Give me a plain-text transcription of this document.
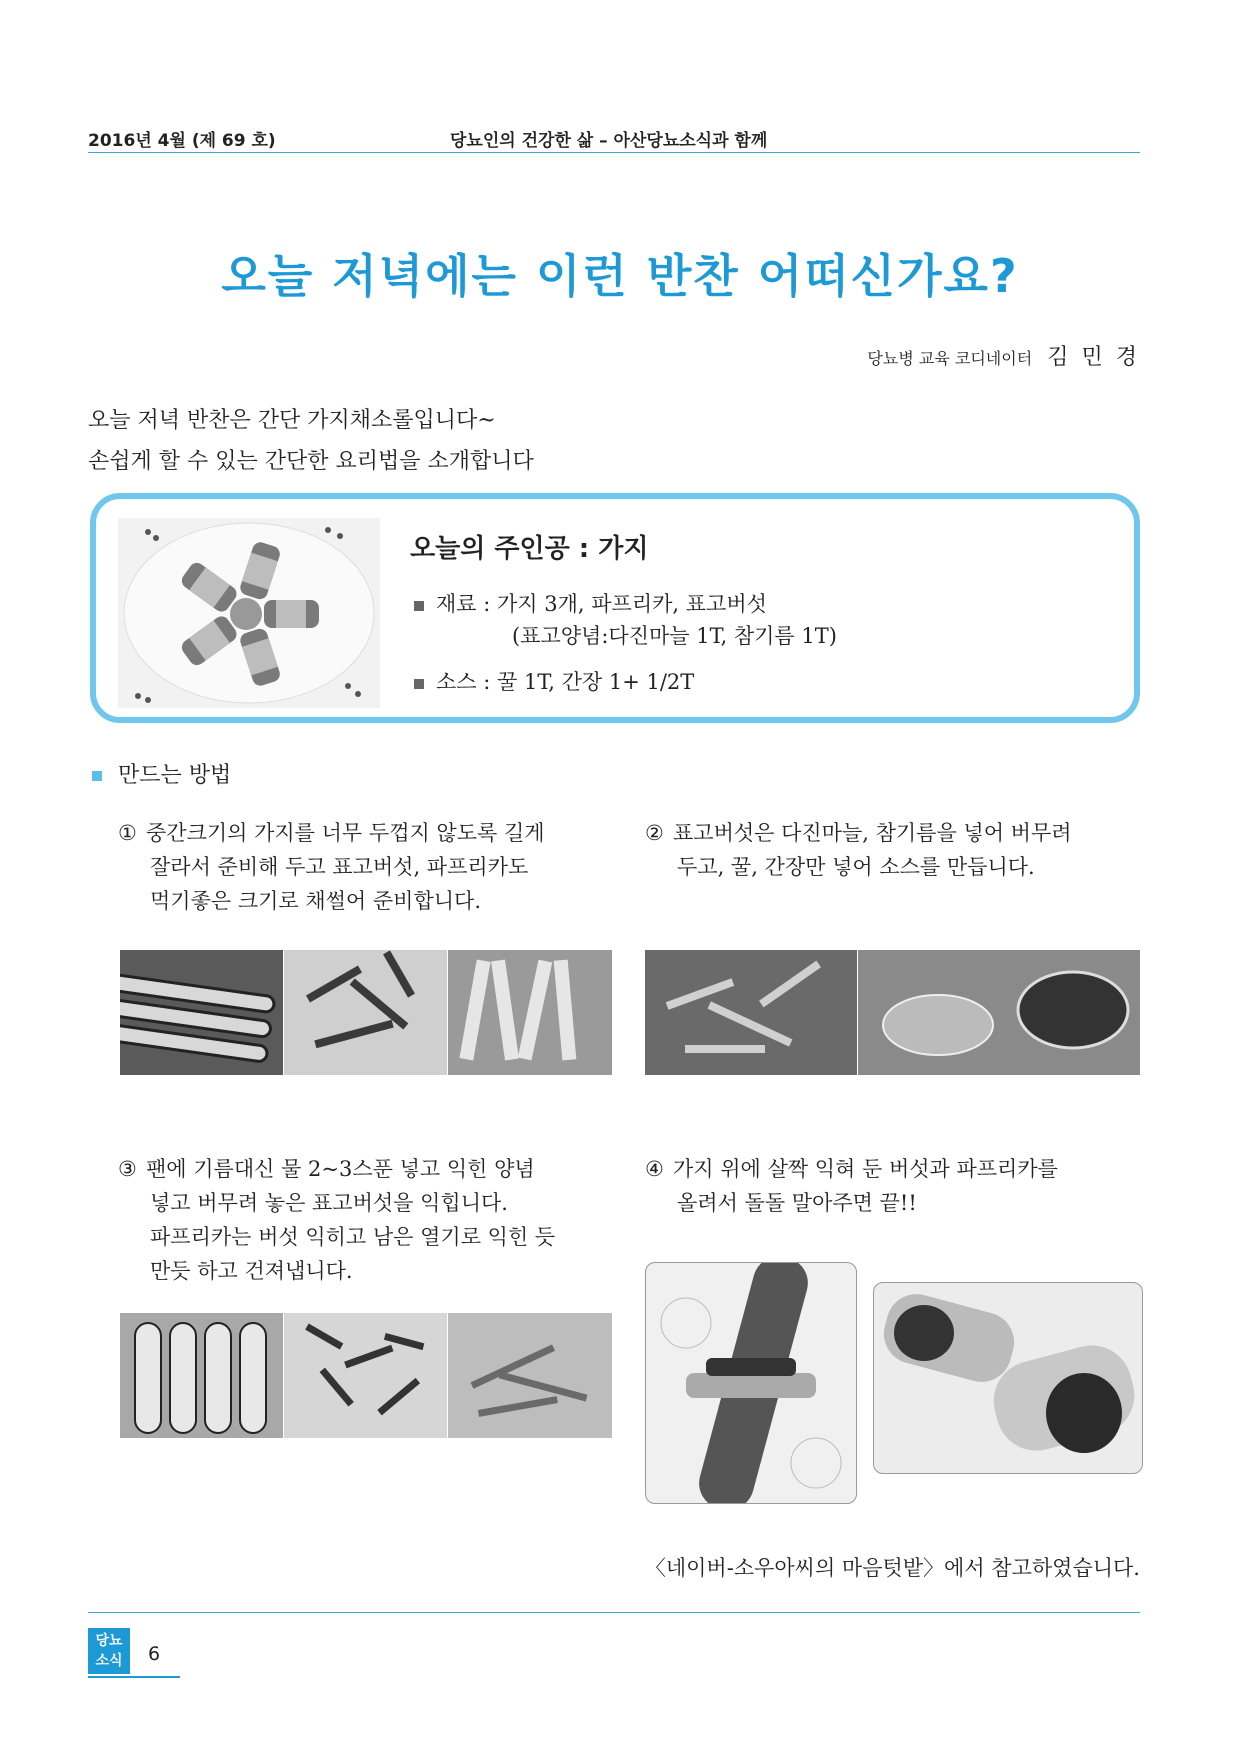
2016년 4월 (제 69 호)	당뇨인의 건강한 삶 – 아산당뇨소식과 함께
오늘 저녁에는 이런 반찬 어떠신가요?
당뇨병 교육 코디네이터 김 민 경
오늘 저녁 반찬은 간단 가지채소롤입니다~
손쉽게 할 수 있는 간단한 요리법을 소개합니다
오늘의 주인공 : 가지
재료 : 가지 3개, 파프리카, 표고버섯
(표고양념:다진마늘 1T, 참기름 1T)
소스 : 꿀 1T, 간장 1+ 1/2T
만드는 방법
① 중간크기의 가지를 너무 두껍지 않도록 길게
잘라서 준비해 두고 표고버섯, 파프리카도
먹기좋은 크기로 채썰어 준비합니다.
② 표고버섯은 다진마늘, 참기름을 넣어 버무려
두고, 꿀, 간장만 넣어 소스를 만듭니다.
③ 팬에 기름대신 물 2~3스푼 넣고 익힌 양념
넣고 버무려 놓은 표고버섯을 익힙니다.
파프리카는 버섯 익히고 남은 열기로 익힌 듯
만듯 하고 건져냅니다.
④ 가지 위에 살짝 익혀 둔 버섯과 파프리카를
올려서 돌돌 말아주면 끝!!
〈네이버-소우아씨의 마음텃밭〉에서 참고하였습니다.
당뇨
소식	6
